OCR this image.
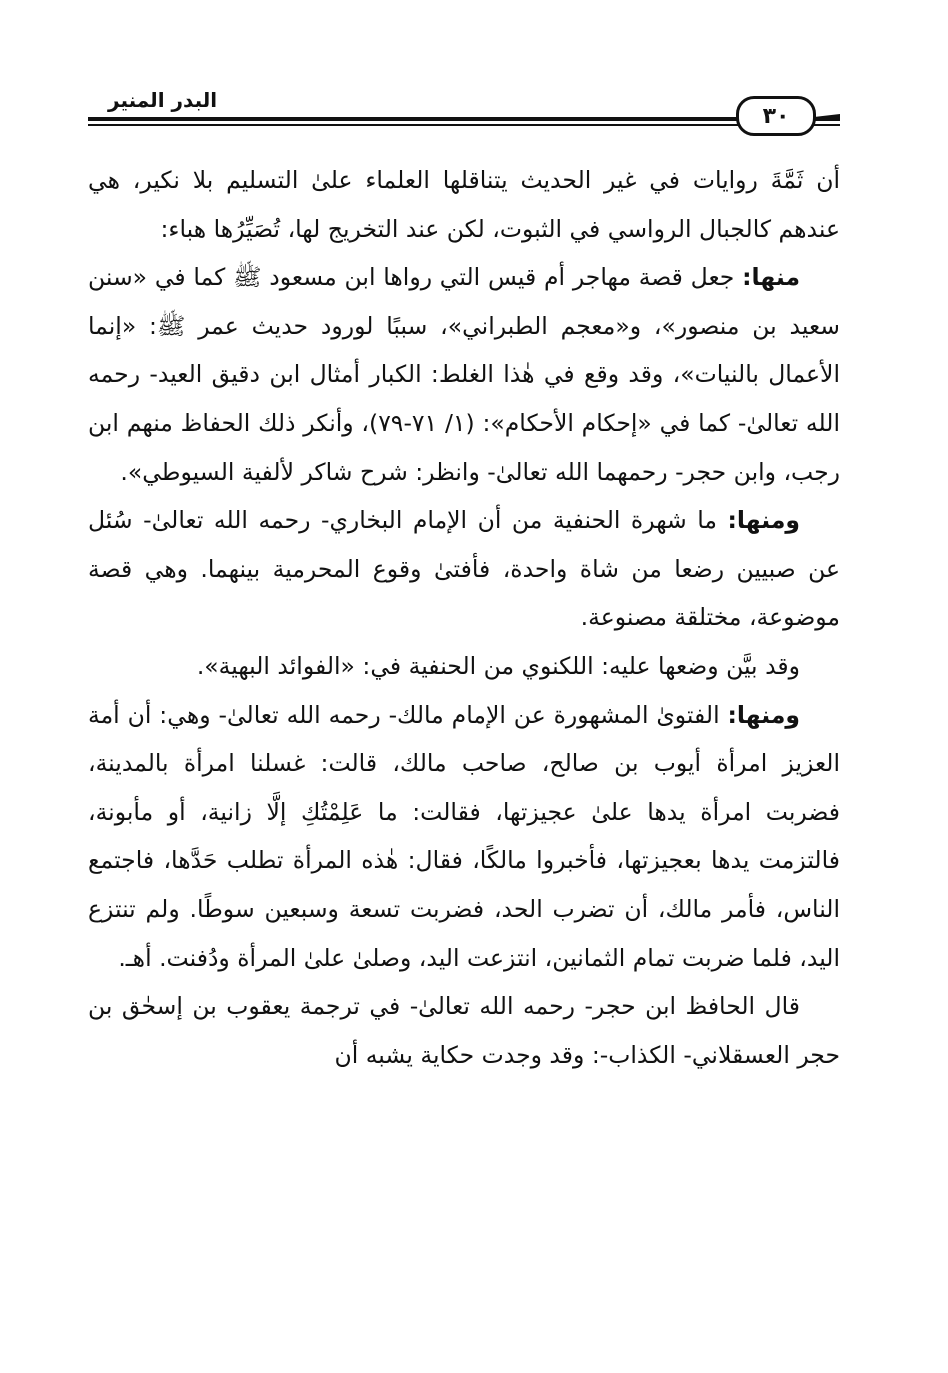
٣٠
البدر المنير

أن ثَمَّةَ روايات في غير الحديث يتناقلها العلماء علىٰ التسليم بلا نكير، هي عندهم كالجبال الرواسي في الثبوت، لكن عند التخريج لها، تُصَيِّرُها هباء:

منها: جعل قصة مهاجر أم قيس التي رواها ابن مسعود ﷺ كما في «سنن سعيد بن منصور»، و«معجم الطبراني»، سببًا لورود حديث عمر ﷺ: «إنما الأعمال بالنيات»، وقد وقع في هٰذا الغلط: الكبار أمثال ابن دقيق العيد- رحمه الله تعالىٰ- كما في «إحكام الأحكام»: (١/ ٧١-٧٩)، وأنكر ذلك الحفاظ منهم ابن رجب، وابن حجر- رحمهما الله تعالىٰ- وانظر: شرح شاكر لألفية السيوطي».

ومنها: ما شهرة الحنفية من أن الإمام البخاري- رحمه الله تعالىٰ- سُئل عن صبيين رضعا من شاة واحدة، فأفتىٰ وقوع المحرمية بينهما. وهي قصة موضوعة، مختلقة مصنوعة.

وقد بيَّن وضعها عليه: اللكنوي من الحنفية في: «الفوائد البهية».

ومنها: الفتوىٰ المشهورة عن الإمام مالك- رحمه الله تعالىٰ- وهي: أن أمة العزيز امرأة أيوب بن صالح، صاحب مالك، قالت: غسلنا امرأة بالمدينة، فضربت امرأة يدها علىٰ عجيزتها، فقالت: ما عَلِمْتُكِ إلَّا زانية، أو مأبونة، فالتزمت يدها بعجيزتها، فأخبروا مالكًا، فقال: هٰذه المرأة تطلب حَدَّها، فاجتمع الناس، فأمر مالك، أن تضرب الحد، فضربت تسعة وسبعين سوطًا. ولم تنتزع اليد، فلما ضربت تمام الثمانين، انتزعت اليد، وصلىٰ علىٰ المرأة ودُفنت. أهـ.

قال الحافظ ابن حجر- رحمه الله تعالىٰ- في ترجمة يعقوب بن إسحٰق بن حجر العسقلاني- الكذاب-: وقد وجدت حكاية يشبه أن
